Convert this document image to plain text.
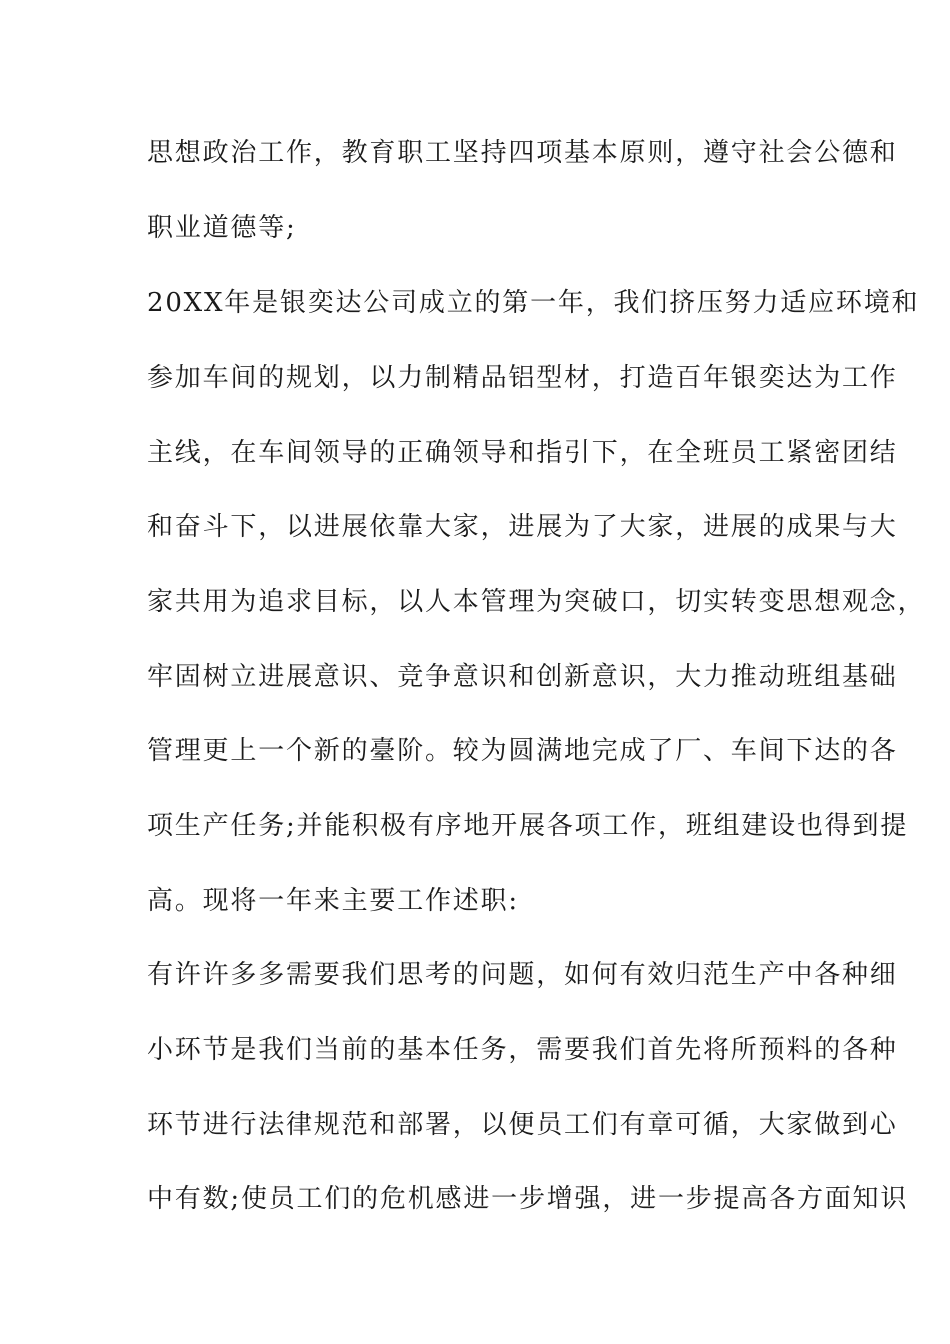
思想政治工作，教育职工坚持四项基本原则，遵守社会公德和
职业道德等;
20XX年是银奕达公司成立的第一年，我们挤压努力适应环境和
参加车间的规划，以力制精品铝型材，打造百年银奕达为工作
主线，在车间领导的正确领导和指引下，在全班员工紧密团结
和奋斗下，以进展依靠大家，进展为了大家，进展的成果与大
家共用为追求目标，以人本管理为突破口，切实转变思想观念，
牢固树立进展意识、竞争意识和创新意识，大力推动班组基础
管理更上一个新的臺阶。较为圆满地完成了厂、车间下达的各
项生产任务;并能积极有序地开展各项工作，班组建设也得到提
高。现将一年来主要工作述职:
有许许多多需要我们思考的问题，如何有效归范生产中各种细
小环节是我们当前的基本任务，需要我们首先将所预料的各种
环节进行法律规范和部署，以便员工们有章可循，大家做到心
中有数;使员工们的危机感进一步增强，进一步提高各方面知识
